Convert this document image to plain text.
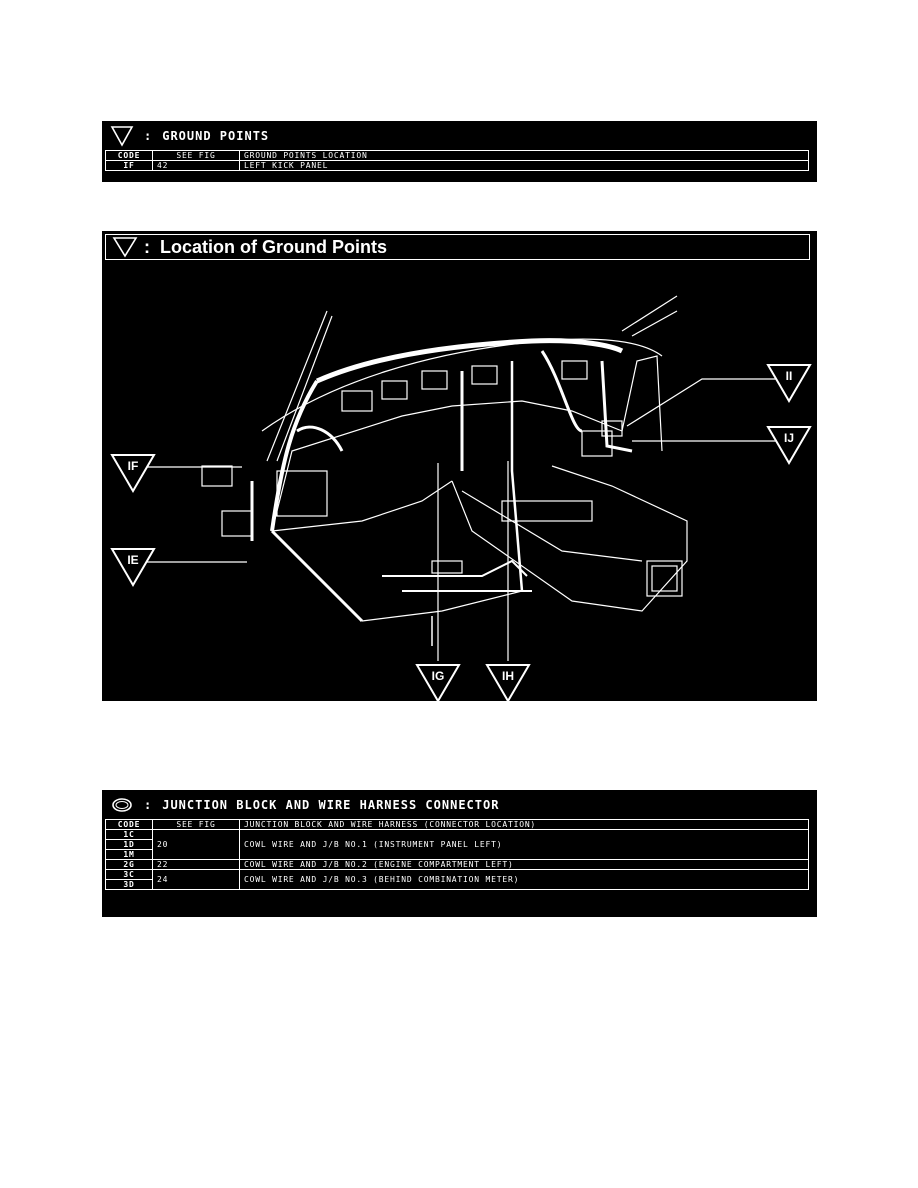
: GROUND POINTS
CODE	SEE FIG	GROUND POINTS LOCATION
IF	42	LEFT KICK PANEL
: Location of Ground Points
IF
IE
IG	IH
II
IJ
: JUNCTION BLOCK AND WIRE HARNESS CONNECTOR
CODE	SEE FIG	JUNCTION BLOCK AND WIRE HARNESS (CONNECTOR LOCATION)
1C	20	COWL WIRE AND J/B NO.1 (INSTRUMENT PANEL LEFT)
1D		
1M		
2G	22	COWL WIRE AND J/B NO.2 (ENGINE COMPARTMENT LEFT)
3C	24	COWL WIRE AND J/B NO.3 (BEHIND COMBINATION METER)
3D		
